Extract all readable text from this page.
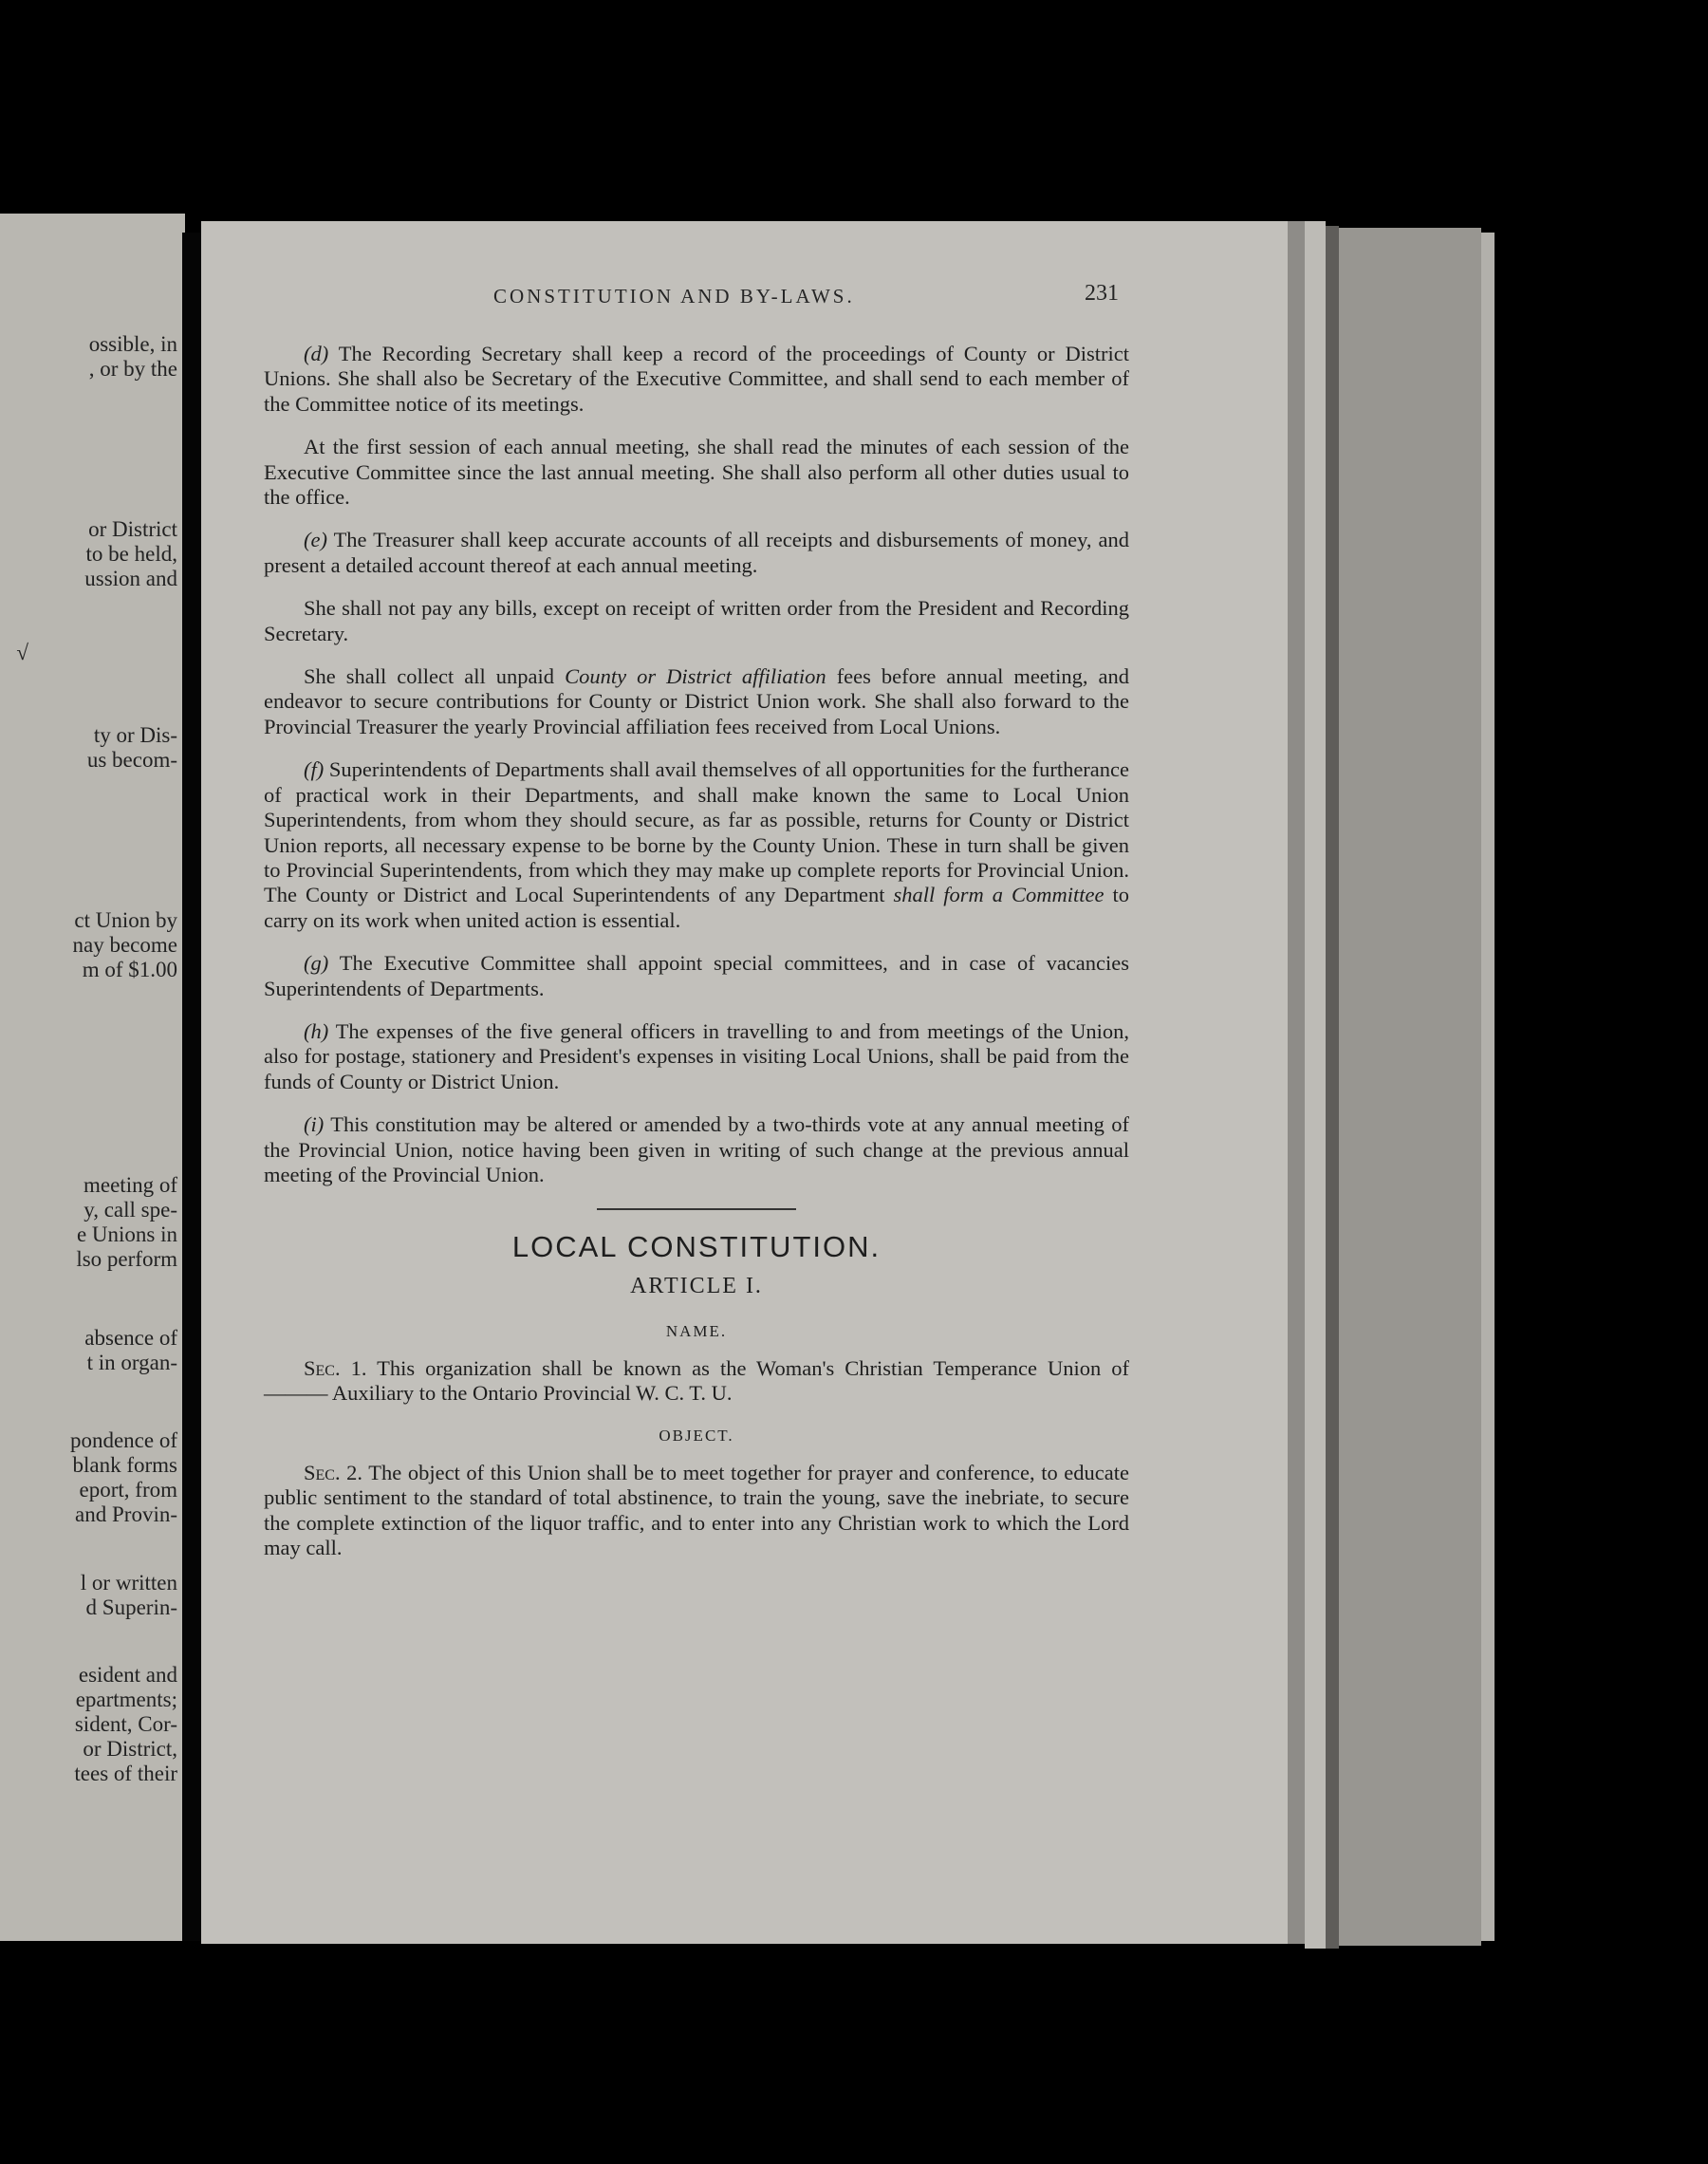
ossible, in
, or by the
or District
to be held,
ussion and
√
ty or Dis-
us becom-
ct Union by
nay become
m of $1.00
meeting of
y, call spe-
e Unions in
lso perform
absence of
t in organ-
pondence of
blank forms
eport, from
and Provin-
l or written
d Superin-
esident and
epartments;
sident, Cor-
or District,
tees of their
CONSTITUTION AND BY-LAWS.	231

(d) The Recording Secretary shall keep a record of the proceedings of County or District Unions. She shall also be Secretary of the Executive Committee, and shall send to each member of the Committee notice of its meetings.

At the first session of each annual meeting, she shall read the minutes of each session of the Executive Committee since the last annual meeting. She shall also perform all other duties usual to the office.

(e) The Treasurer shall keep accurate accounts of all receipts and disbursements of money, and present a detailed account thereof at each annual meeting.

She shall not pay any bills, except on receipt of written order from the President and Recording Secretary.

She shall collect all unpaid County or District affiliation fees before annual meeting, and endeavor to secure contributions for County or District Union work. She shall also forward to the Provincial Treasurer the yearly Provincial affiliation fees received from Local Unions.

(f) Superintendents of Departments shall avail themselves of all opportunities for the furtherance of practical work in their Departments, and shall make known the same to Local Union Superintendents, from whom they should secure, as far as possible, returns for County or District Union reports, all necessary expense to be borne by the County Union. These in turn shall be given to Provincial Superintendents, from which they may make up complete reports for Provincial Union. The County or District and Local Superintendents of any Department shall form a Committee to carry on its work when united action is essential.

(g) The Executive Committee shall appoint special committees, and in case of vacancies Superintendents of Departments.

(h) The expenses of the five general officers in travelling to and from meetings of the Union, also for postage, stationery and President's expenses in visiting Local Unions, shall be paid from the funds of County or District Union.

(i) This constitution may be altered or amended by a two-thirds vote at any annual meeting of the Provincial Union, notice having been given in writing of such change at the previous annual meeting of the Provincial Union.

LOCAL CONSTITUTION.
ARTICLE I.
NAME.

Sec. 1. This organization shall be known as the Woman's Christian Temperance Union of ——— Auxiliary to the Ontario Provincial W. C. T. U.

OBJECT.

Sec. 2. The object of this Union shall be to meet together for prayer and conference, to educate public sentiment to the standard of total abstinence, to train the young, save the inebriate, to secure the complete extinction of the liquor traffic, and to enter into any Christian work to which the Lord may call.
